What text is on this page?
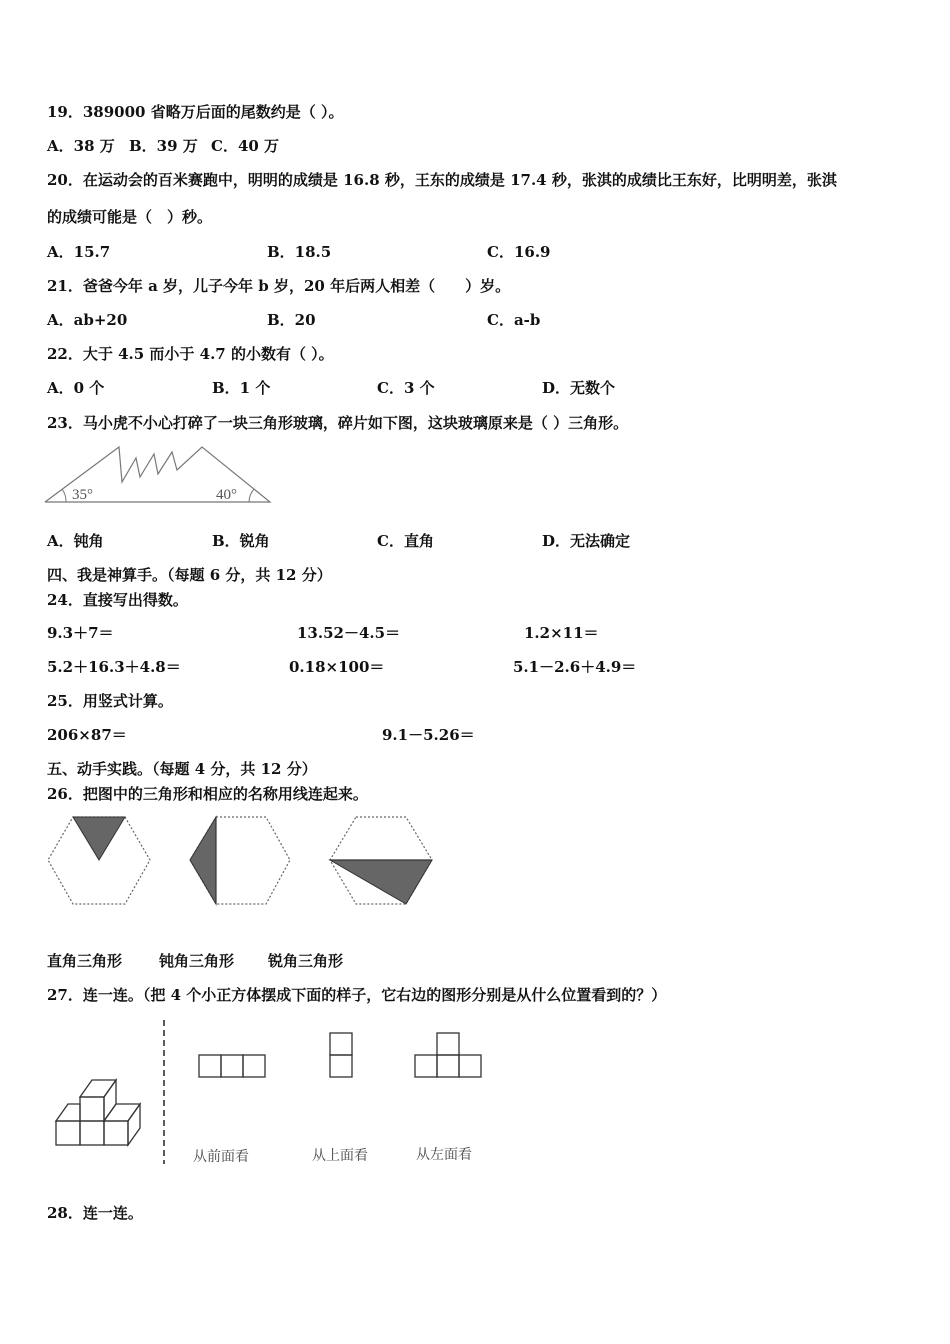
19．389000 省略万后面的尾数约是（ ）。
A．38 万 B．39 万 C．40 万
20．在运动会的百米赛跑中，明明的成绩是 16.8 秒，王东的成绩是 17.4 秒，张淇的成绩比王东好，比明明差，张淇
的成绩可能是（　）秒。
A．15.7	B．18.5	C．16.9
21．爸爸今年 a 岁，儿子今年 b 岁，20 年后两人相差（　　）岁。
A．ab+20	B．20	C．a-b
22．大于 4.5 而小于 4.7 的小数有（ ）。
A．0 个	B．1 个	C．3 个	D．无数个
23．马小虎不小心打碎了一块三角形玻璃，碎片如下图，这块玻璃原来是（ ）三角形。
35°	40°
A．钝角	B．锐角	C．直角	D．无法确定
四、我是神算手。（每题 6 分，共 12 分）
24．直接写出得数。
9.3＋7＝	13.52－4.5＝	1.2×11＝
5.2＋16.3＋4.8＝	0.18×100＝	5.1－2.6＋4.9＝
25．用竖式计算。
206×87＝	9.1－5.26＝
五、动手实践。（每题 4 分，共 12 分）
26．把图中的三角形和相应的名称用线连起来。
直角三角形 钝角三角形 锐角三角形
27．连一连。（把 4 个小正方体摆成下面的样子，它右边的图形分别是从什么位置看到的？）
从前面看	从上面看	从左面看
28．连一连。
